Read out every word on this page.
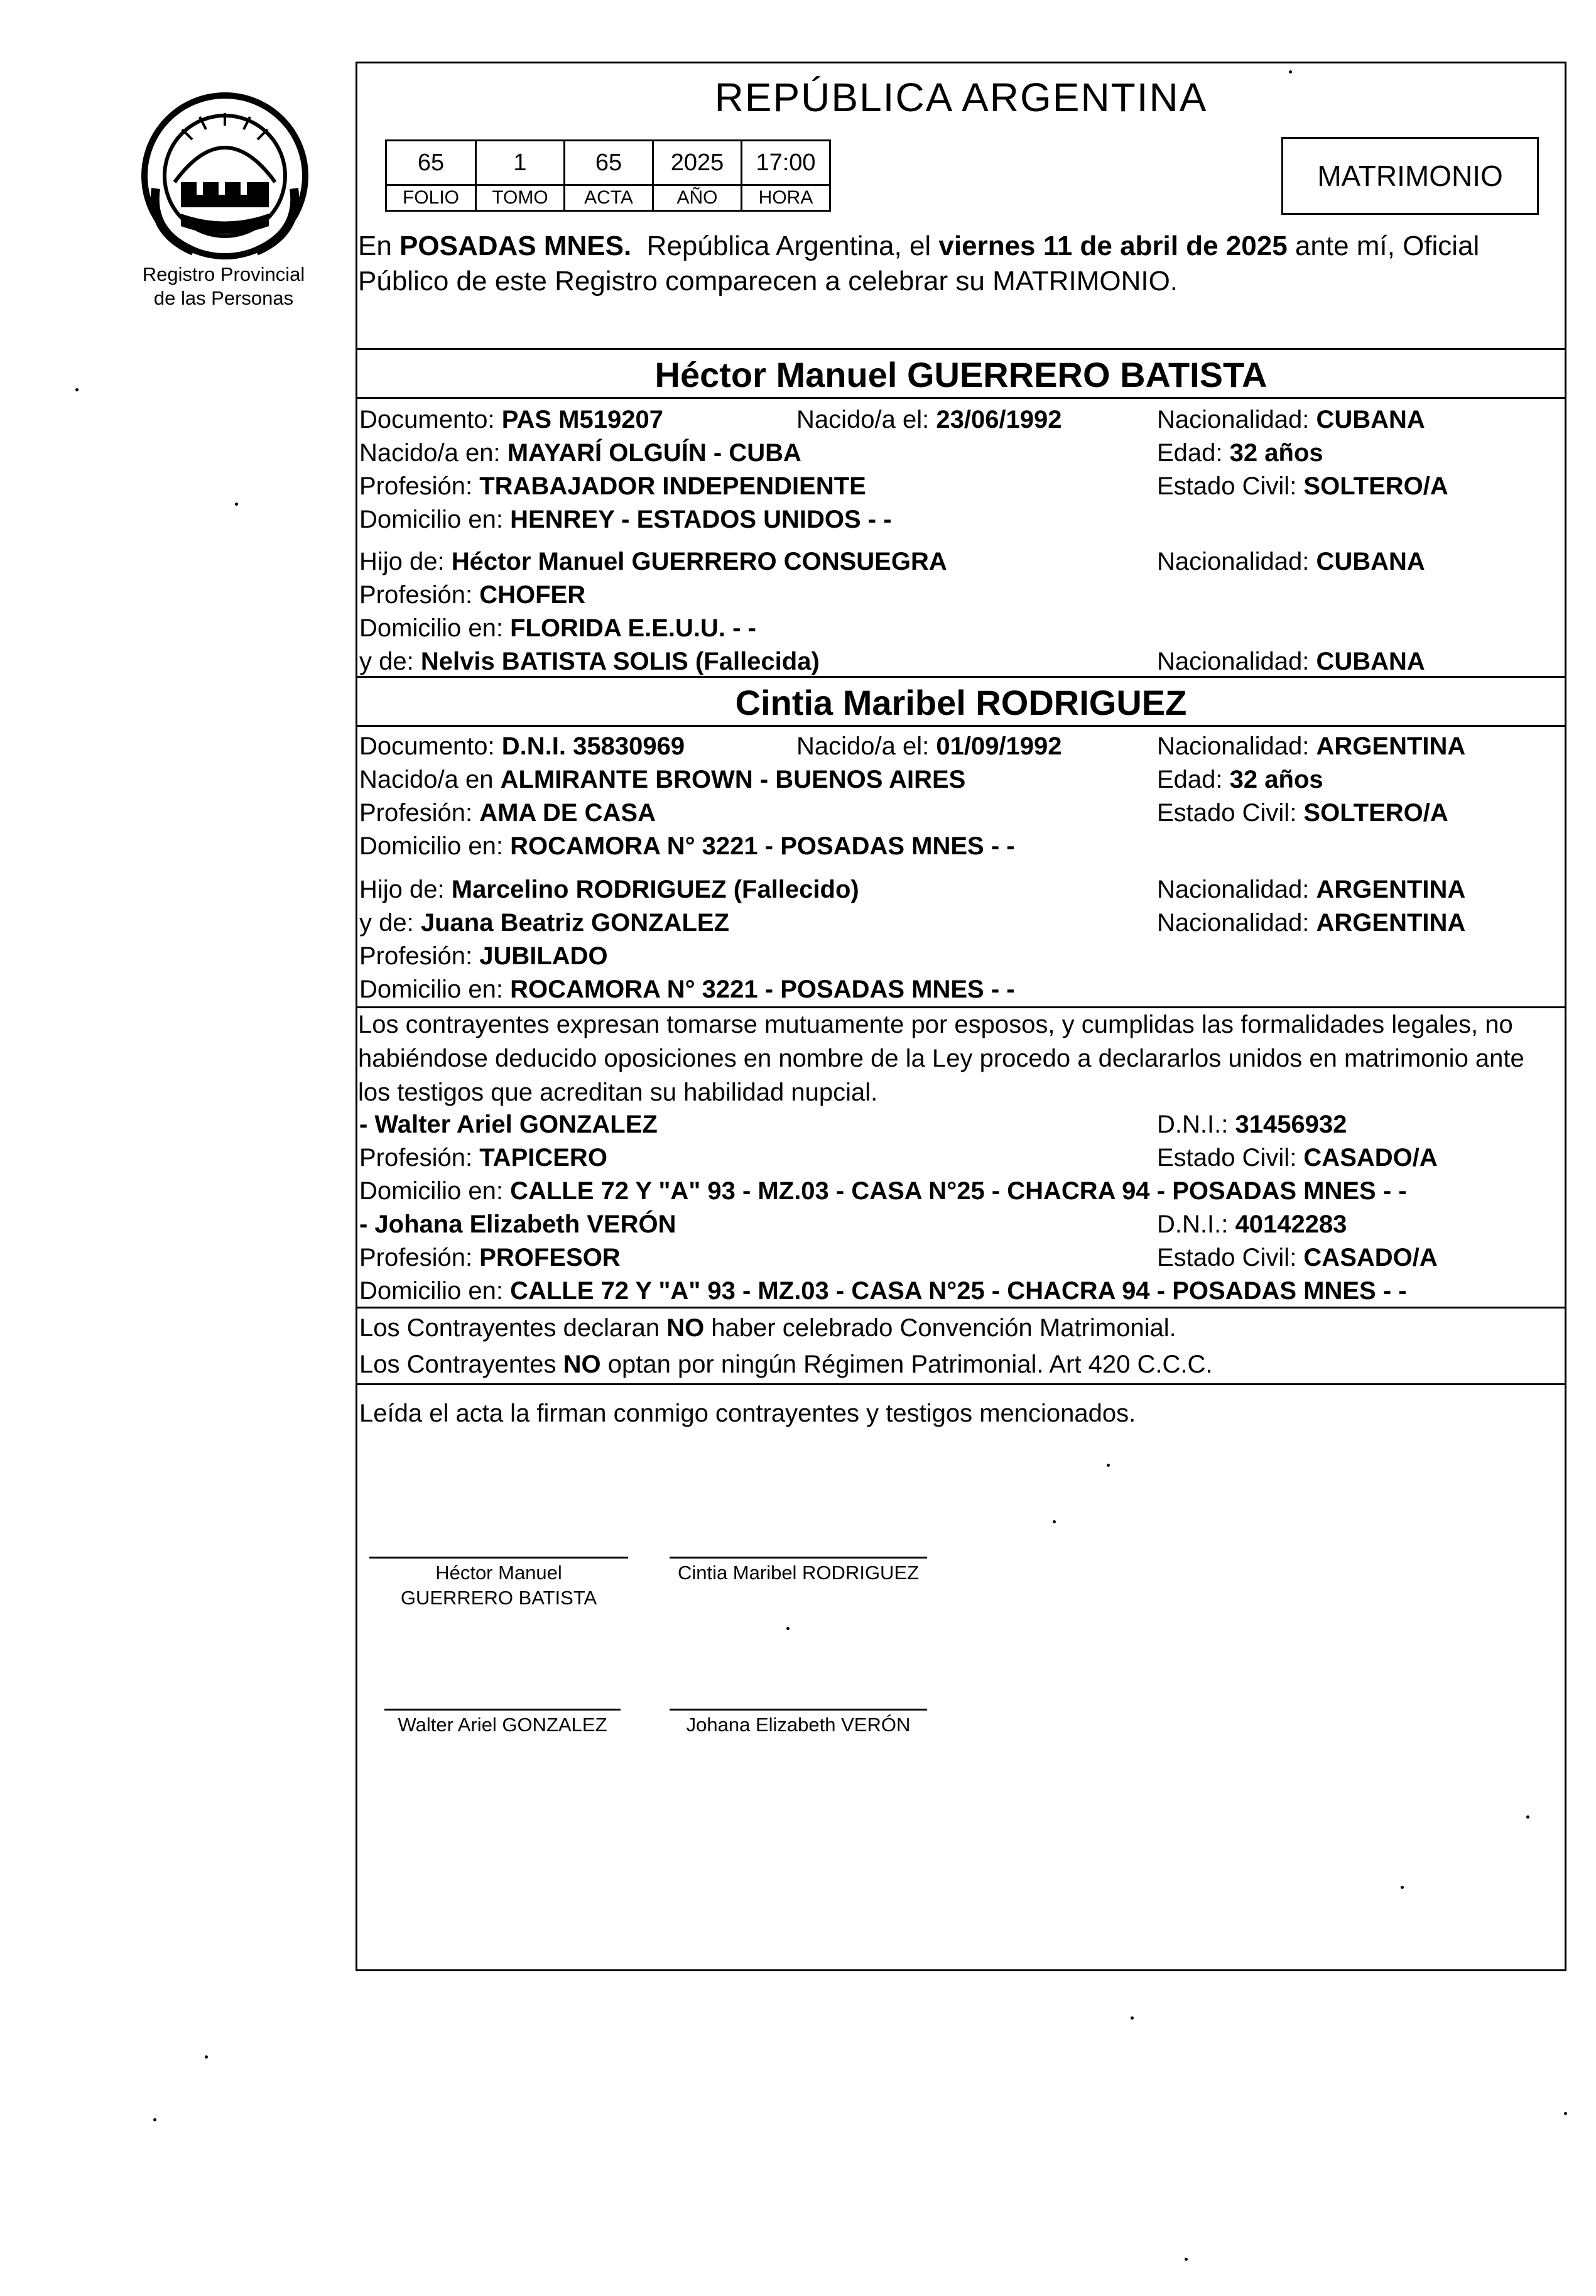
Registro Provincial
de las Personas
REPÚBLICA ARGENTINA
65	1	65	2025	17:00
FOLIO	TOMO	ACTA	AÑO	HORA
MATRIMONIO
En POSADAS MNES.  República Argentina, el viernes 11 de abril de 2025 ante mí, Oficial
Público de este Registro comparecen a celebrar su MATRIMONIO.
Héctor Manuel GUERRERO BATISTA
Documento: PAS M519207	Nacido/a el: 23/06/1992	Nacionalidad: CUBANA
Nacido/a en: MAYARÍ OLGUÍN - CUBA	Edad: 32 años
Profesión: TRABAJADOR INDEPENDIENTE	Estado Civil: SOLTERO/A
Domicilio en: HENREY - ESTADOS UNIDOS - -
Hijo de: Héctor Manuel GUERRERO CONSUEGRA	Nacionalidad: CUBANA
Profesión: CHOFER
Domicilio en: FLORIDA E.E.U.U. - -
y de: Nelvis BATISTA SOLIS (Fallecida)	Nacionalidad: CUBANA
Cintia Maribel RODRIGUEZ
Documento: D.N.I. 35830969	Nacido/a el: 01/09/1992	Nacionalidad: ARGENTINA
Nacido/a en ALMIRANTE BROWN - BUENOS AIRES	Edad: 32 años
Profesión: AMA DE CASA	Estado Civil: SOLTERO/A
Domicilio en: ROCAMORA N° 3221 - POSADAS MNES - -
Hijo de: Marcelino RODRIGUEZ (Fallecido)	Nacionalidad: ARGENTINA
y de: Juana Beatriz GONZALEZ	Nacionalidad: ARGENTINA
Profesión: JUBILADO
Domicilio en: ROCAMORA N° 3221 - POSADAS MNES - -
Los contrayentes expresan tomarse mutuamente por esposos, y cumplidas las formalidades legales, no
habiéndose deducido oposiciones en nombre de la Ley procedo a declararlos unidos en matrimonio ante
los testigos que acreditan su habilidad nupcial.
- Walter Ariel GONZALEZ	D.N.I.: 31456932
Profesión: TAPICERO	Estado Civil: CASADO/A
Domicilio en: CALLE 72 Y "A" 93 - MZ.03 - CASA N°25 - CHACRA 94 - POSADAS MNES - -
- Johana Elizabeth VERÓN	D.N.I.: 40142283
Profesión: PROFESOR	Estado Civil: CASADO/A
Domicilio en: CALLE 72 Y "A" 93 - MZ.03 - CASA N°25 - CHACRA 94 - POSADAS MNES - -
Los Contrayentes declaran NO haber celebrado Convención Matrimonial.
Los Contrayentes NO optan por ningún Régimen Patrimonial. Art 420 C.C.C.
Leída el acta la firman conmigo contrayentes y testigos mencionados.
Héctor Manuel
GUERRERO BATISTA
Cintia Maribel RODRIGUEZ
Walter Ariel GONZALEZ	Johana Elizabeth VERÓN
